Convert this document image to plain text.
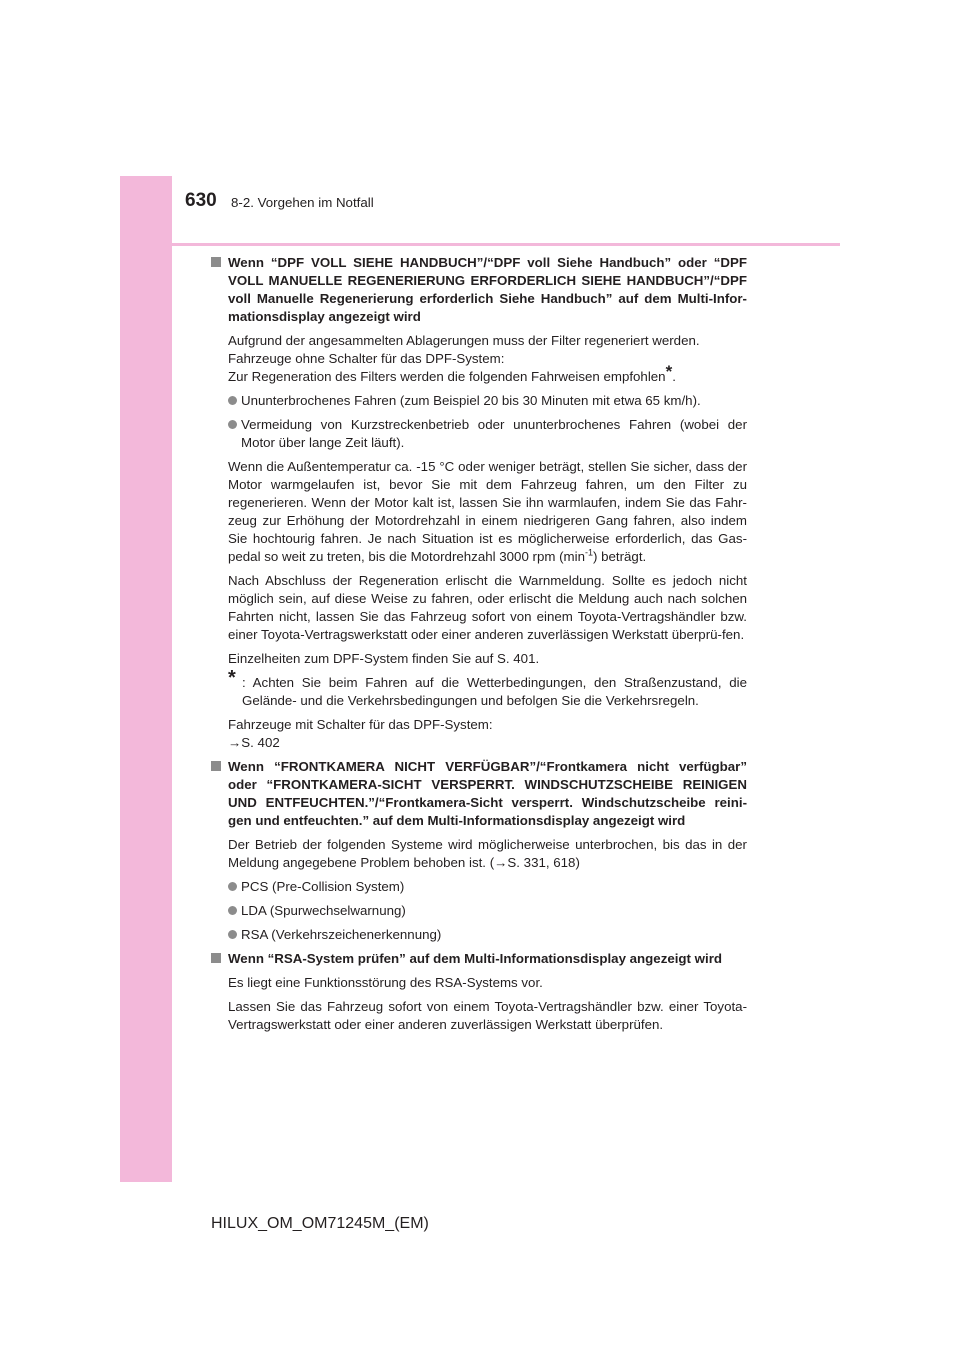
630 8-2. Vorgehen im Notfall
Wenn “DPF VOLL SIEHE HANDBUCH”/“DPF voll Siehe Handbuch” oder “DPF VOLL MANUELLE REGENERIERUNG ERFORDERLICH SIEHE HANDBUCH”/“DPF voll Manuelle Regenerierung erforderlich Siehe Handbuch” auf dem Multi-Infor-mationsdisplay angezeigt wird
Aufgrund der angesammelten Ablagerungen muss der Filter regeneriert werden.
Fahrzeuge ohne Schalter für das DPF-System:
Zur Regeneration des Filters werden die folgenden Fahrweisen empfohlen*.
Ununterbrochenes Fahren (zum Beispiel 20 bis 30 Minuten mit etwa 65 km/h).
Vermeidung von Kurzstreckenbetrieb oder ununterbrochenes Fahren (wobei der Motor über lange Zeit läuft).
Wenn die Außentemperatur ca. -15 °C oder weniger beträgt, stellen Sie sicher, dass der Motor warmgelaufen ist, bevor Sie mit dem Fahrzeug fahren, um den Filter zu regenerieren. Wenn der Motor kalt ist, lassen Sie ihn warmlaufen, indem Sie das Fahr-zeug zur Erhöhung der Motordrehzahl in einem niedrigeren Gang fahren, also indem Sie hochtourig fahren. Je nach Situation ist es möglicherweise erforderlich, das Gas-pedal so weit zu treten, bis die Motordrehzahl 3000 rpm $(\min^{-1})$ beträgt.
Nach Abschluss der Regeneration erlischt die Warnmeldung. Sollte es jedoch nicht möglich sein, auf diese Weise zu fahren, oder erlischt die Meldung auch nach solchen Fahrten nicht, lassen Sie das Fahrzeug sofort von einem Toyota-Vertragshändler bzw. einer Toyota-Vertragswerkstatt oder einer anderen zuverlässigen Werkstatt überprü-fen.
Einzelheiten zum DPF-System finden Sie auf S. 401.
* : Achten Sie beim Fahren auf die Wetterbedingungen, den Straßenzustand, die Gelände- und die Verkehrsbedingungen und befolgen Sie die Verkehrsregeln.
Fahrzeuge mit Schalter für das DPF-System:
→S. 402
Wenn “FRONTKAMERA NICHT VERFÜGBAR”/“Frontkamera nicht verfügbar” oder “FRONTKAMERA-SICHT VERSPERRT. WINDSCHUTZSCHEIBE REINIGEN UND ENTFEUCHTEN.”/“Frontkamera-Sicht versperrt. Windschutzscheibe reini-gen und entfeuchten.” auf dem Multi-Informationsdisplay angezeigt wird
Der Betrieb der folgenden Systeme wird möglicherweise unterbrochen, bis das in der Meldung angegebene Problem behoben ist. (→S. 331, 618)
PCS (Pre-Collision System)
LDA (Spurwechselwarnung)
RSA (Verkehrszeichenerkennung)
Wenn “RSA-System prüfen” auf dem Multi-Informationsdisplay angezeigt wird
Es liegt eine Funktionsstörung des RSA-Systems vor.
Lassen Sie das Fahrzeug sofort von einem Toyota-Vertragshändler bzw. einer Toyota-Vertragswerkstatt oder einer anderen zuverlässigen Werkstatt überprüfen.
HILUX_OM_OM71245M_(EM)
